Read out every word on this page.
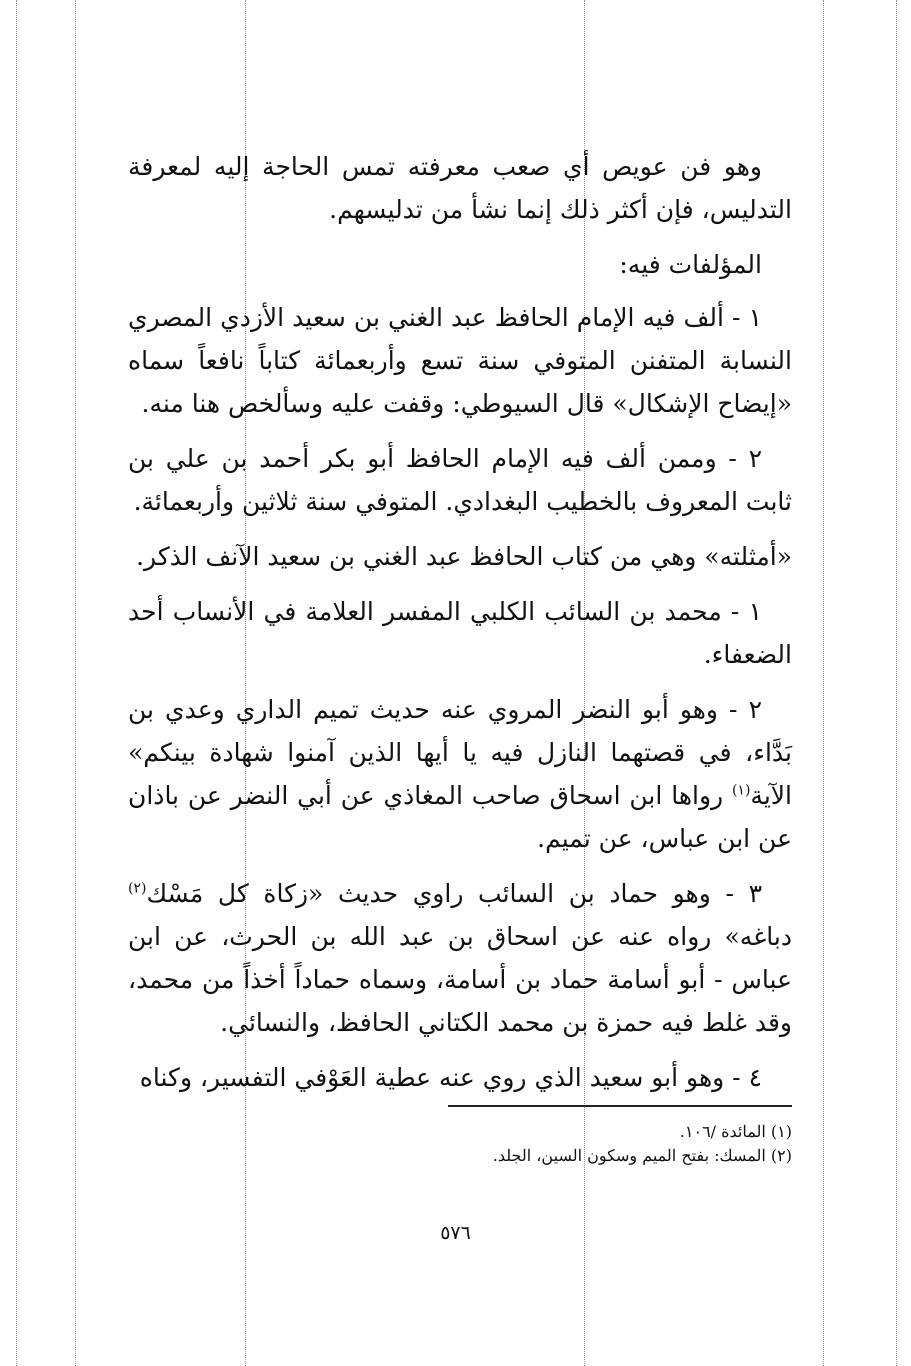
وهو فن عويص أي صعب معرفته تمس الحاجة إليه لمعرفة التدليس، فإن أكثر ذلك إنما نشأ من تدليسهم.

المؤلفات فيه:

١ - ألف فيه الإمام الحافظ عبد الغني بن سعيد الأزدي المصري النسابة المتفنن المتوفي سنة تسع وأربعمائة كتاباً نافعاً سماه «إيضاح الإشكال» قال السيوطي: وقفت عليه وسألخص هنا منه.

٢ - وممن ألف فيه الإمام الحافظ أبو بكر أحمد بن علي بن ثابت المعروف بالخطيب البغدادي. المتوفي سنة ثلاثين وأربعمائة.

«أمثلته» وهي من كتاب الحافظ عبد الغني بن سعيد الآنف الذكر.

١ - محمد بن السائب الكلبي المفسر العلامة في الأنساب أحد الضعفاء.

٢ - وهو أبو النضر المروي عنه حديث تميم الداري وعدي بن بَدَّاء، في قصتهما النازل فيه يا أيها الذين آمنوا شهادة بينكم» الآية$^{(١)}$ رواها ابن اسحاق صاحب المغاذي عن أبي النضر عن باذان عن ابن عباس، عن تميم.

٣ - وهو حماد بن السائب راوي حديث «زكاة كل مَسْك$^{(٢)}$ دباغه» رواه عنه عن اسحاق بن عبد الله بن الحرث، عن ابن عباس - أبو أسامة حماد بن أسامة، وسماه حماداً أخذاً من محمد، وقد غلط فيه حمزة بن محمد الكتاني الحافظ، والنسائي.

٤ - وهو أبو سعيد الذي روي عنه عطية العَوْفي التفسير، وكناه

(١) المائدة /١٠٦.
(٢) المسك: بفتح الميم وسكون السين، الجلد.
٥٧٦
